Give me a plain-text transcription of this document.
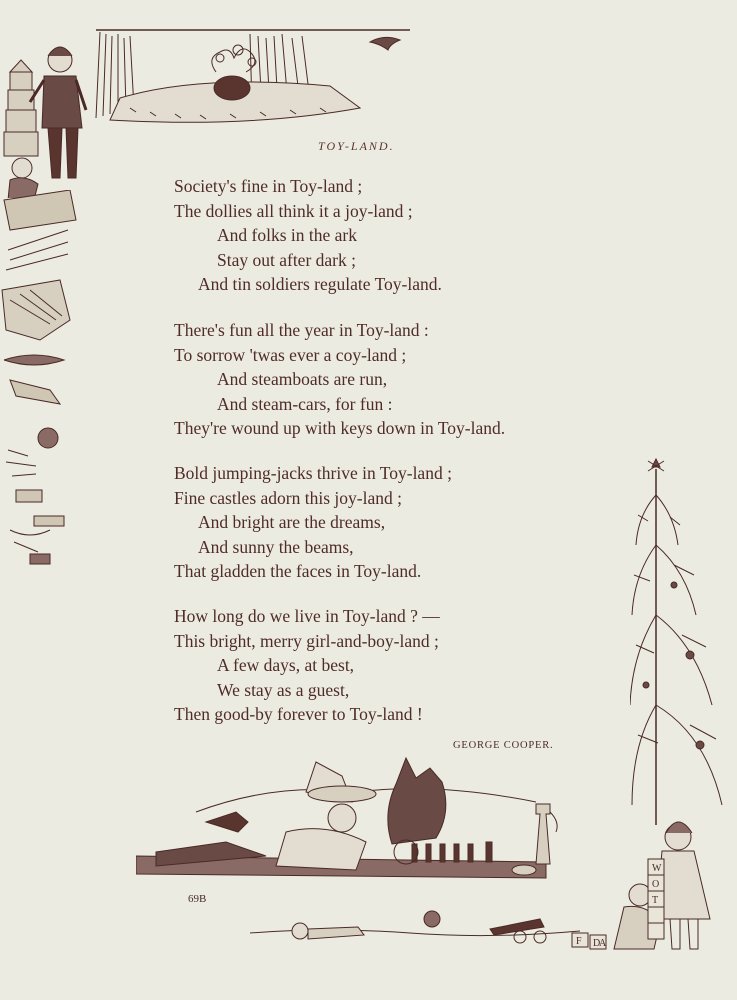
W
O
T
F D
A
TOY-LAND.
Society's fine in Toy-land ;
The dollies all think it a joy-land ;
And folks in the ark
Stay out after dark ;
And tin soldiers regulate Toy-land.
There's fun all the year in Toy-land :
To sorrow 'twas ever a coy-land ;
And steamboats are run,
And steam-cars, for fun :
They're wound up with keys down in Toy-land.
Bold jumping-jacks thrive in Toy-land ;
Fine castles adorn this joy-land ;
And bright are the dreams,
And sunny the beams,
That gladden the faces in Toy-land.
How long do we live in Toy-land ? —
This bright, merry girl-and-boy-land ;
A few days, at best,
We stay as a guest,
Then good-by forever to Toy-land !
GEORGE COOPER.
69B
